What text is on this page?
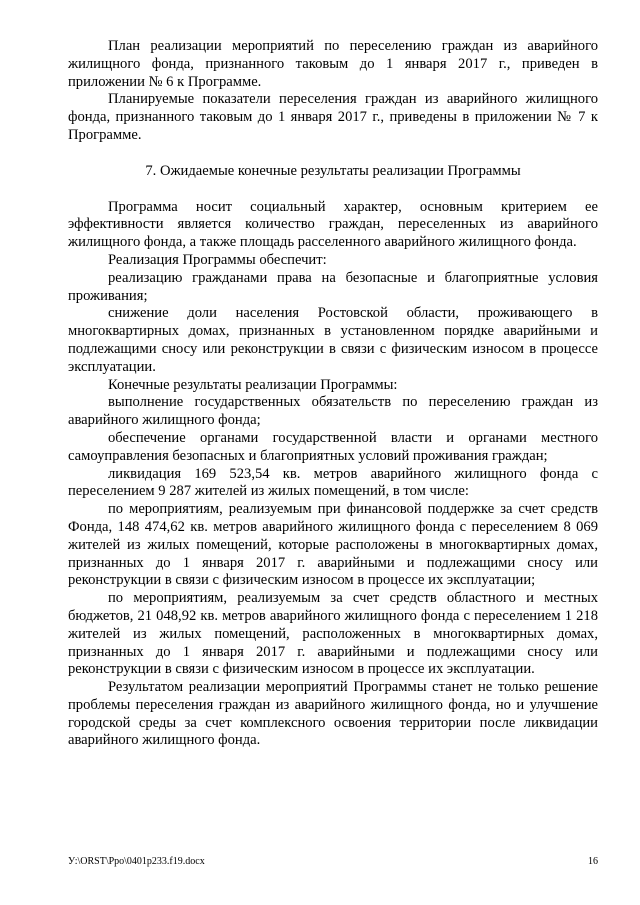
План реализации мероприятий по переселению граждан из аварийного жилищного фонда, признанного таковым до 1 января 2017 г., приведен в приложении № 6 к Программе.

Планируемые показатели переселения граждан из аварийного жилищного фонда, признанного таковым до 1 января 2017 г., приведены в приложении № 7 к Программе.

7. Ожидаемые конечные результаты реализации Программы

Программа носит социальный характер, основным критерием ее эффективности является количество граждан, переселенных из аварийного жилищного фонда, а также площадь расселенного аварийного жилищного фонда.

Реализация Программы обеспечит:

реализацию гражданами права на безопасные и благоприятные условия проживания;

снижение доли населения Ростовской области, проживающего в многоквартирных домах, признанных в установленном порядке аварийными и подлежащими сносу или реконструкции в связи с физическим износом в процессе эксплуатации.

Конечные результаты реализации Программы:

выполнение государственных обязательств по переселению граждан из аварийного жилищного фонда;

обеспечение органами государственной власти и органами местного самоуправления безопасных и благоприятных условий проживания граждан;

ликвидация 169 523,54 кв. метров аварийного жилищного фонда с переселением 9 287 жителей из жилых помещений, в том числе:

по мероприятиям, реализуемым при финансовой поддержке за счет средств Фонда, 148 474,62 кв. метров аварийного жилищного фонда с переселением 8 069 жителей из жилых помещений, которые расположены в многоквартирных домах, признанных до 1 января 2017 г. аварийными и подлежащими сносу или реконструкции в связи с физическим износом в процессе их эксплуатации;

по мероприятиям, реализуемым за счет средств областного и местных бюджетов, 21 048,92 кв. метров аварийного жилищного фонда с переселением 1 218 жителей из жилых помещений, расположенных в многоквартирных домах, признанных до 1 января 2017 г. аварийными и подлежащими сносу или реконструкции в связи с физическим износом в процессе их эксплуатации.

Результатом реализации мероприятий Программы станет не только решение проблемы переселения граждан из аварийного жилищного фонда, но и улучшение городской среды за счет комплексного освоения территории после ликвидации аварийного жилищного фонда.

У:\ORST\Ppo\0401p233.f19.docx	16
